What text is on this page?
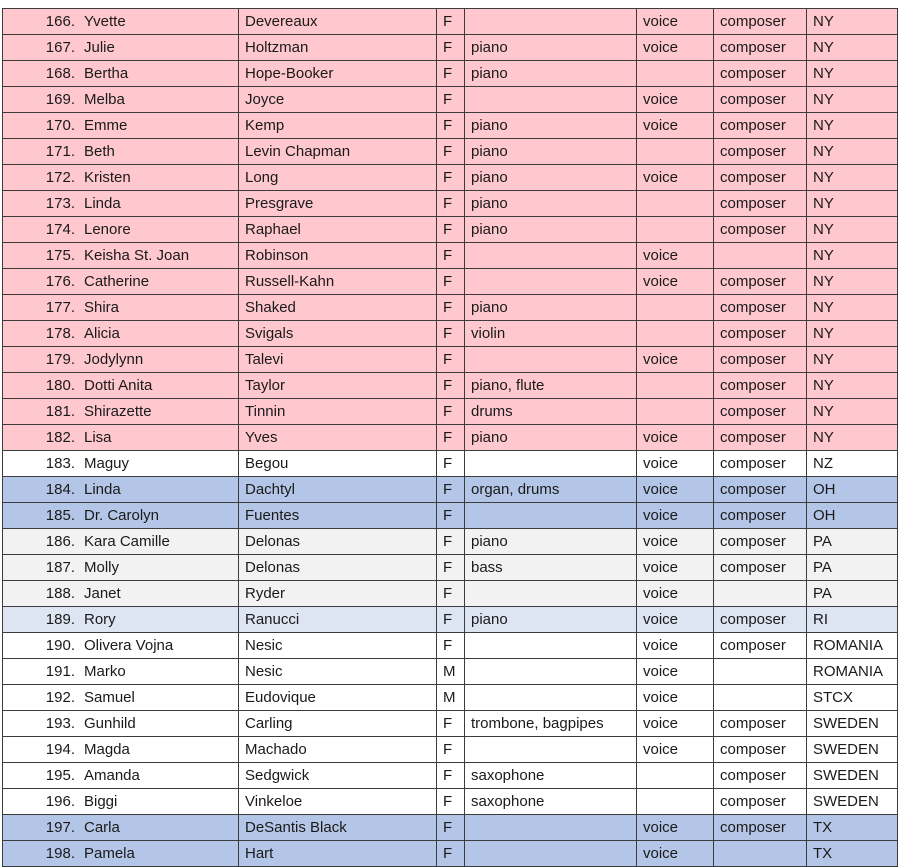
166. Yvette	Devereaux	F		voice	composer	NY
167. Julie	Holtzman	F	piano	voice	composer	NY
168. Bertha	Hope-Booker	F	piano		composer	NY
169. Melba	Joyce	F		voice	composer	NY
170. Emme	Kemp	F	piano	voice	composer	NY
171. Beth	Levin Chapman	F	piano		composer	NY
172. Kristen	Long	F	piano	voice	composer	NY
173. Linda	Presgrave	F	piano		composer	NY
174. Lenore	Raphael	F	piano		composer	NY
175. Keisha St. Joan	Robinson	F		voice		NY
176. Catherine	Russell-Kahn	F		voice	composer	NY
177. Shira	Shaked	F	piano		composer	NY
178. Alicia	Svigals	F	violin		composer	NY
179. Jodylynn	Talevi	F		voice	composer	NY
180. Dotti Anita	Taylor	F	piano, flute		composer	NY
181. Shirazette	Tinnin	F	drums		composer	NY
182. Lisa	Yves	F	piano	voice	composer	NY
183. Maguy	Begou	F		voice	composer	NZ
184. Linda	Dachtyl	F	organ, drums	voice	composer	OH
185. Dr. Carolyn	Fuentes	F		voice	composer	OH
186. Kara Camille	Delonas	F	piano	voice	composer	PA
187. Molly	Delonas	F	bass	voice	composer	PA
188. Janet	Ryder	F		voice		PA
189. Rory	Ranucci	F	piano	voice	composer	RI
190. Olivera Vojna	Nesic	F		voice	composer	ROMANIA
191. Marko	Nesic	M		voice		ROMANIA
192. Samuel	Eudovique	M		voice		STCX
193. Gunhild	Carling	F	trombone, bagpipes	voice	composer	SWEDEN
194. Magda	Machado	F		voice	composer	SWEDEN
195. Amanda	Sedgwick	F	saxophone		composer	SWEDEN
196. Biggi	Vinkeloe	F	saxophone		composer	SWEDEN
197. Carla	DeSantis Black	F		voice	composer	TX
198. Pamela	Hart	F		voice		TX
